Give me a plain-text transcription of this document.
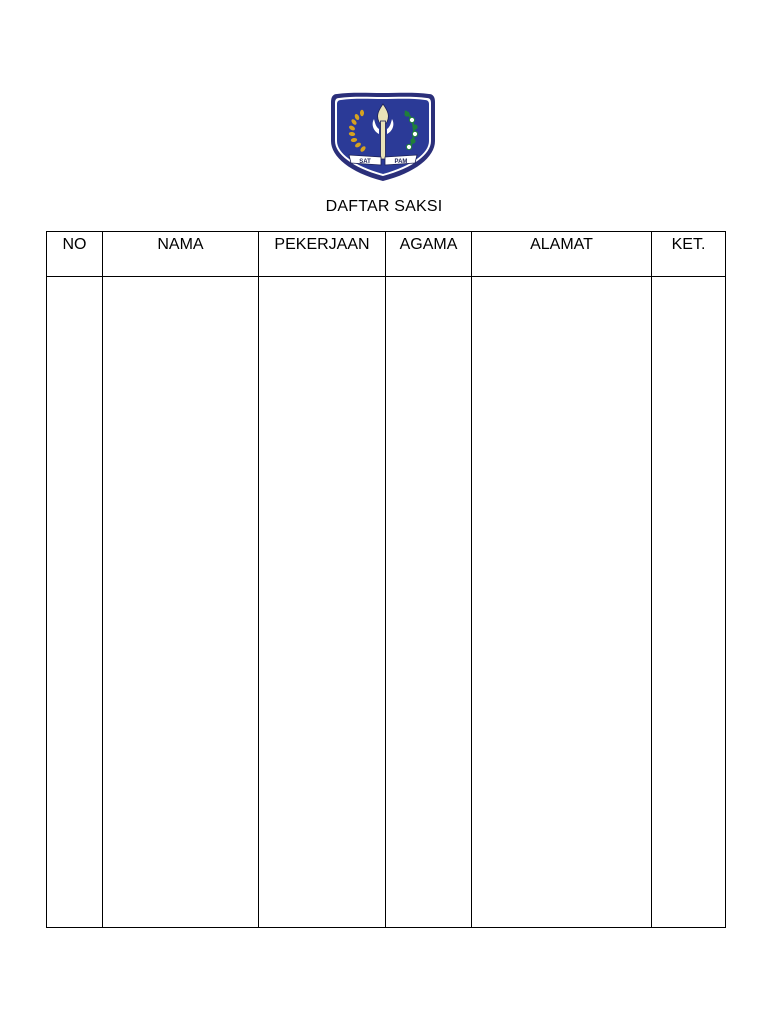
SAT	PAM
DAFTAR SAKSI
NO	NAMA	PEKERJAAN	AGAMA	ALAMAT	KET.
